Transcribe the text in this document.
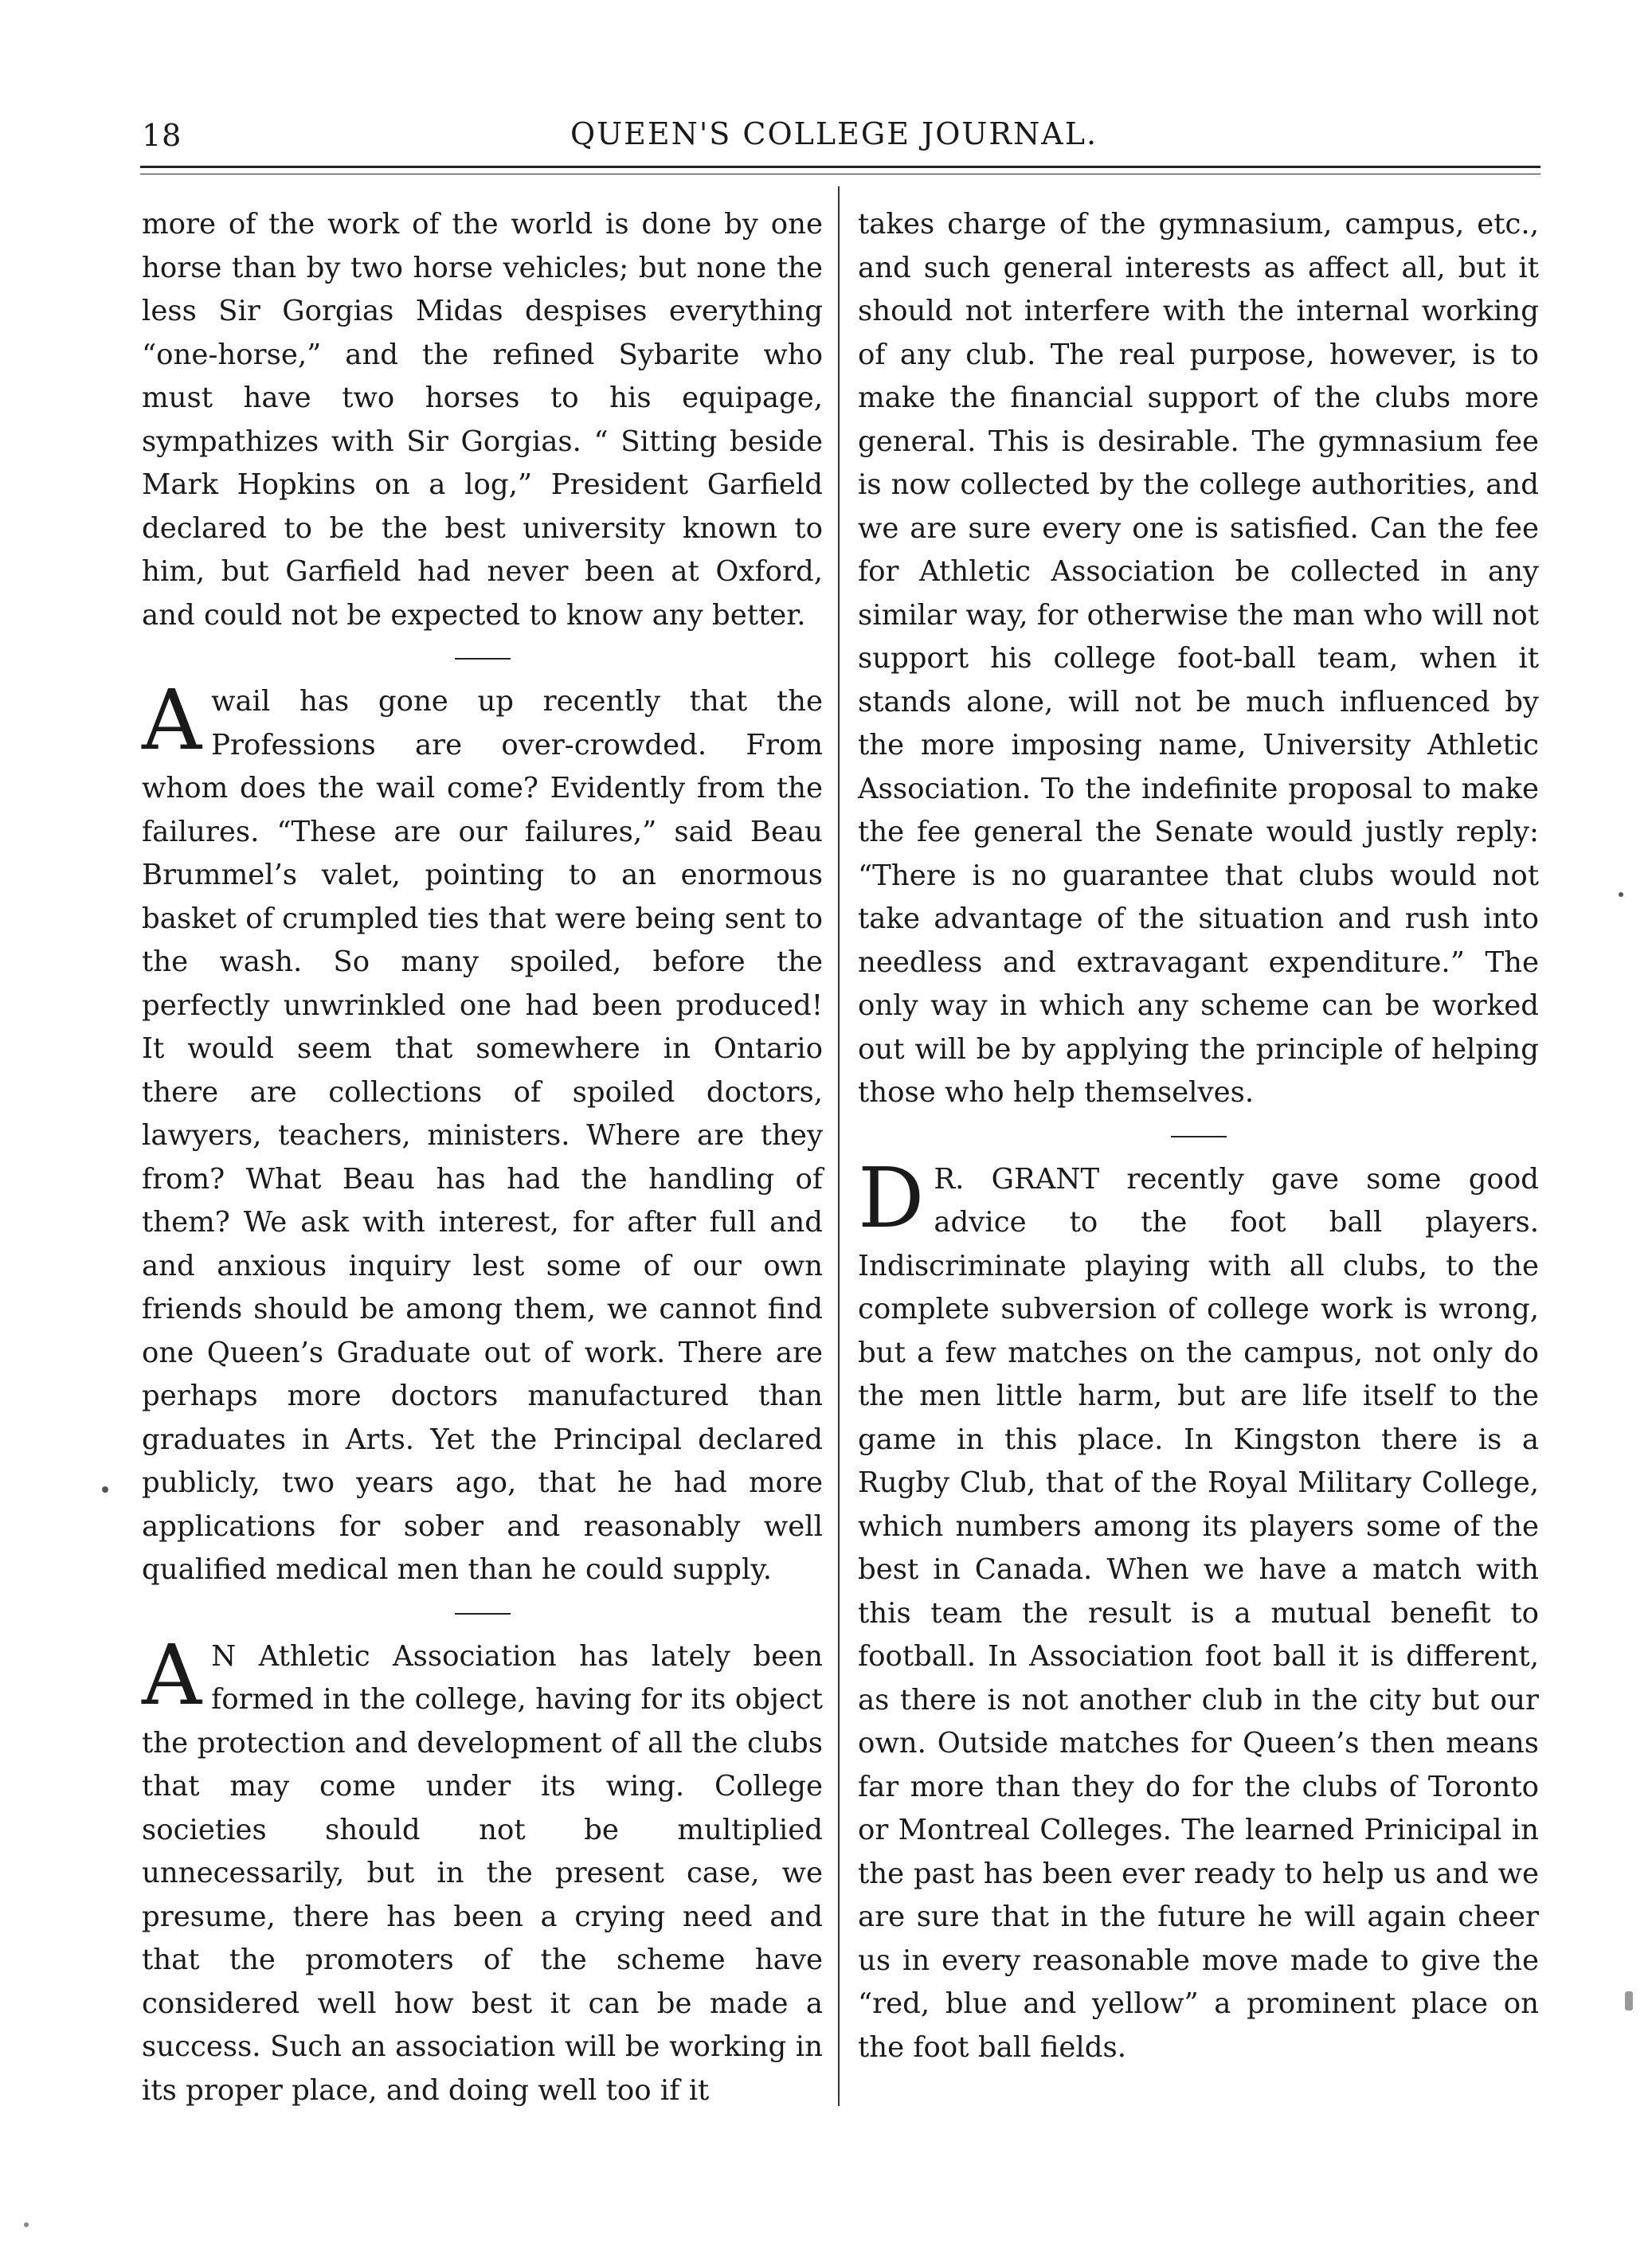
18	QUEEN'S COLLEGE JOURNAL.

more of the work of the world is done by one horse than by two horse vehicles; but none the less Sir Gorgias Midas despises everything “one-horse,” and the refined Sybarite who must have two horses to his equipage, sympathizes with Sir Gorgias. “ Sitting beside Mark Hopkins on a log,” President Garfield declared to be the best university known to him, but Garfield had never been at Oxford, and could not be expected to know any better.

Awail has gone up recently that the Professions are over-crowded. From whom does the wail come? Evidently from the failures. “These are our failures,” said Beau Brummel’s valet, pointing to an enormous basket of crumpled ties that were being sent to the wash. So many spoiled, before the perfectly unwrinkled one had been produced! It would seem that somewhere in Ontario there are collections of spoiled doctors, lawyers, teachers, ministers. Where are they from? What Beau has had the handling of them? We ask with interest, for after full and and anxious inquiry lest some of our own friends should be among them, we cannot find one Queen’s Graduate out of work. There are perhaps more doctors manufactured than graduates in Arts. Yet the Principal declared publicly, two years ago, that he had more applications for sober and reasonably well qualified medical men than he could supply.

A N Athletic Association has lately been formed in the college, having for its object the protection and development of all the clubs that may come under its wing. College societies should not be multiplied unnecessarily, but in the present case, we presume, there has been a crying need and that the promoters of the scheme have considered well how best it can be made a success. Such an association will be working in its proper place, and doing well too if it

takes charge of the gymnasium, campus, etc., and such general interests as affect all, but it should not interfere with the internal working of any club. The real purpose, however, is to make the financial support of the clubs more general. This is desirable. The gymnasium fee is now collected by the college authorities, and we are sure every one is satisfied. Can the fee for Athletic Association be collected in any similar way, for otherwise the man who will not support his college foot-ball team, when it stands alone, will not be much influenced by the more imposing name, University Athletic Association. To the indefinite proposal to make the fee general the Senate would justly reply: “There is no guarantee that clubs would not take advantage of the situation and rush into needless and extravagant expenditure.” The only way in which any scheme can be worked out will be by applying the principle of helping those who help themselves.

D R. GRANT recently gave some good advice to the foot ball players. Indiscriminate playing with all clubs, to the complete subversion of college work is wrong, but a few matches on the campus, not only do the men little harm, but are life itself to the game in this place. In Kingston there is a Rugby Club, that of the Royal Military College, which numbers among its players some of the best in Canada. When we have a match with this team the result is a mutual benefit to football. In Association foot ball it is different, as there is not another club in the city but our own. Outside matches for Queen’s then means far more than they do for the clubs of Toronto or Montreal Colleges. The learned Prinicipal in the past has been ever ready to help us and we are sure that in the future he will again cheer us in every reasonable move made to give the “red, blue and yellow” a prominent place on the foot ball fields.
